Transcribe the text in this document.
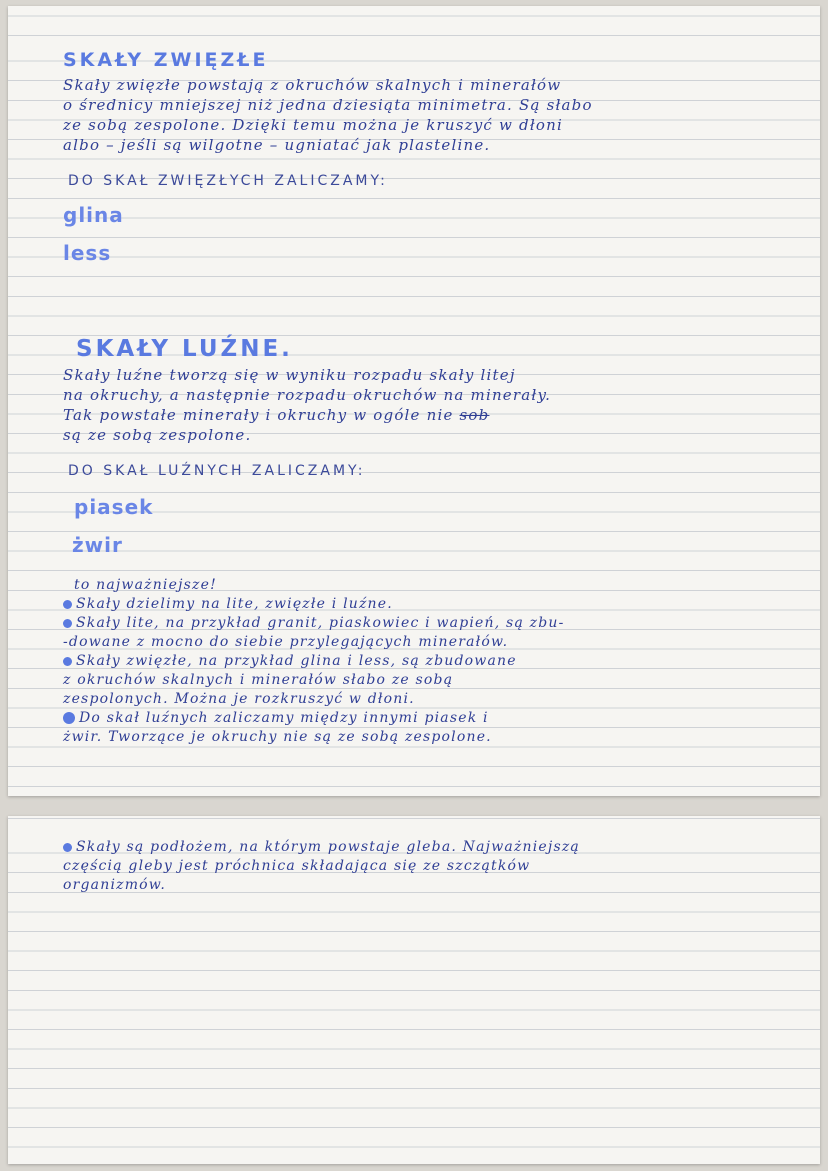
SKAŁY ZWIĘZŁE

Skały zwięzłe powstają z okruchów skalnych i minerałów

o średnicy mniejszej niż jedna dziesiąta minimetra. Są słabo

ze sobą zespolone. Dzięki temu można je kruszyć w dłoni

albo – jeśli są wilgotne – ugniatać jak plasteline.

DO SKAŁ ZWIĘZŁYCH ZALICZAMY:

glina

less

SKAŁY LUŹNE.

Skały luźne tworzą się w wyniku rozpadu skały litej

na okruchy, a następnie rozpadu okruchów na minerały.

Tak powstałe minerały i okruchy w ogóle nie sob

są ze sobą zespolone.

DO SKAŁ LUŹNYCH ZALICZAMY:

piasek

żwir

to najważniejsze!

Skały dzielimy na lite, zwięzłe i luźne.

Skały lite, na przykład granit, piaskowiec i wapień, są zbu-

-dowane z mocno do siebie przylegających minerałów.

Skały zwięzłe, na przykład glina i less, są zbudowane

z okruchów skalnych i minerałów słabo ze sobą

zespolonych. Można je rozkruszyć w dłoni.

Do skał luźnych zaliczamy między innymi piasek i

żwir. Tworzące je okruchy nie są ze sobą zespolone.

Skały są podłożem, na którym powstaje gleba. Najważniejszą

częścią gleby jest próchnica składająca się ze szczątków

organizmów.
